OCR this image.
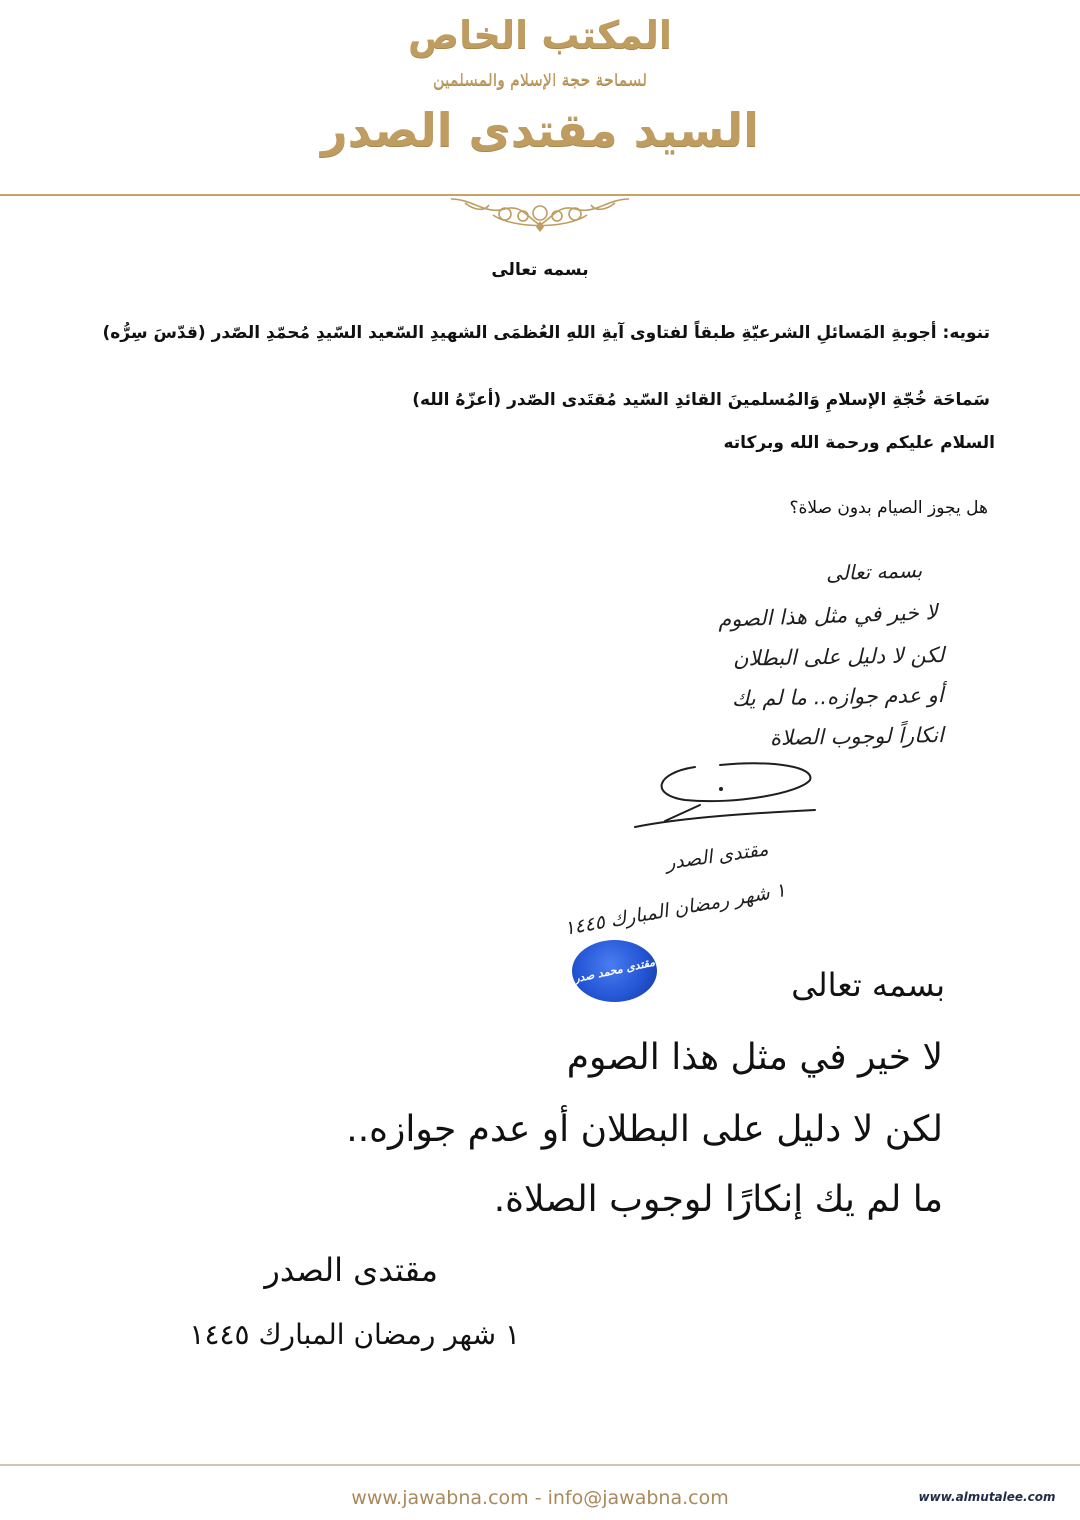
المكتب الخاص
لسماحة حجة الإسلام والمسلمين
السيد مقتدى الصدر
بسمه تعالى
تنويه: أجوبةِ المَسائلِ الشرعيّةِ طبقاً لفتاوى آيةِ اللهِ العُظمَى الشهيدِ السّعيد السّيدِ مُحمّدِ الصّدر (قدّسَ سِرُّه)
سَماحَة خُجّةِ الإسلامِ وَالمُسلمينَ القائدِ السّيد مُقتَدى الصّدر (أعزّهُ الله)
السلام عليكم ورحمة الله وبركاته
هل يجوز الصيام بدون صلاة؟
بسمه تعالى
لا خير في مثل هذا الصوم
لكن لا دليل على البطلان
أو عدم جوازه.. ما لم يك
انكاراً لوجوب الصلاة
مقتدى الصدر
١ شهر رمضان المبارك ١٤٤٥
مقتدى محمد صدر	بسمه تعالى
لا خير في مثل هذا الصوم
لكن لا دليل على البطلان أو عدم جوازه..
ما لم يك إنكارًا لوجوب الصلاة.
مقتدى الصدر
١ شهر رمضان المبارك ١٤٤٥
www.jawabna.com - info@jawabna.com	www.almutalee.com
